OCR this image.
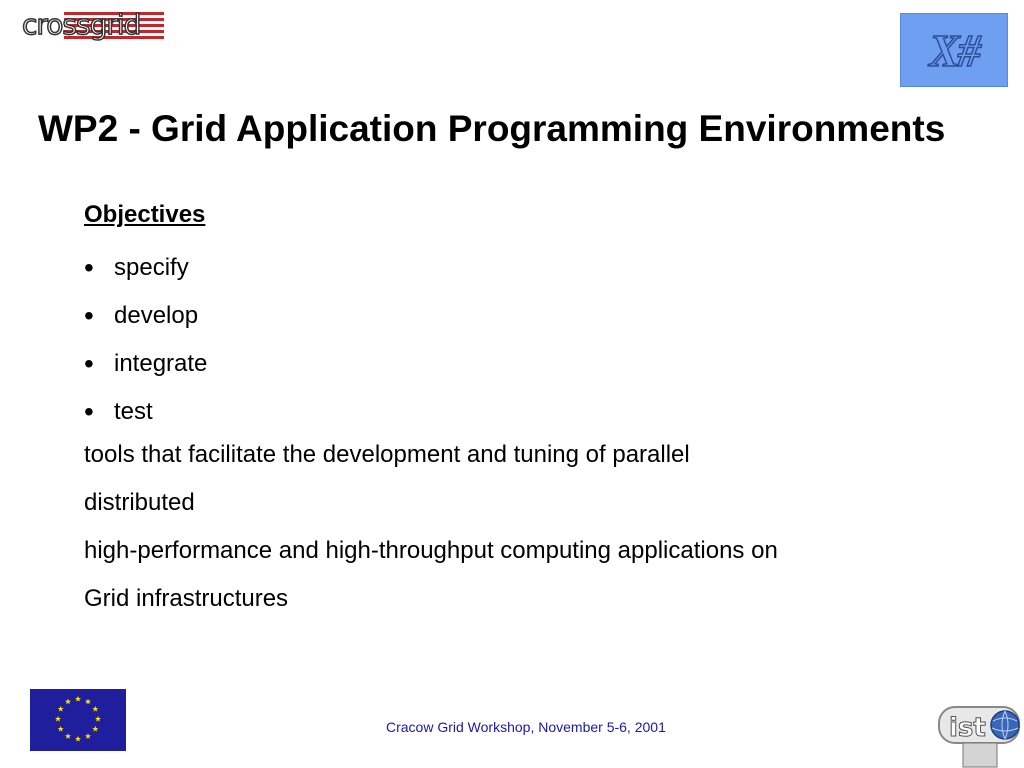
crossgrid	X#
WP2 - Grid Application Programming Environments
Objectives
• specify
• develop
• integrate
• test
tools that facilitate the development and tuning of parallel
distributed
high-performance and high-throughput computing applications on
Grid infrastructures
Cracow Grid Workshop, November 5-6, 2001	ist
